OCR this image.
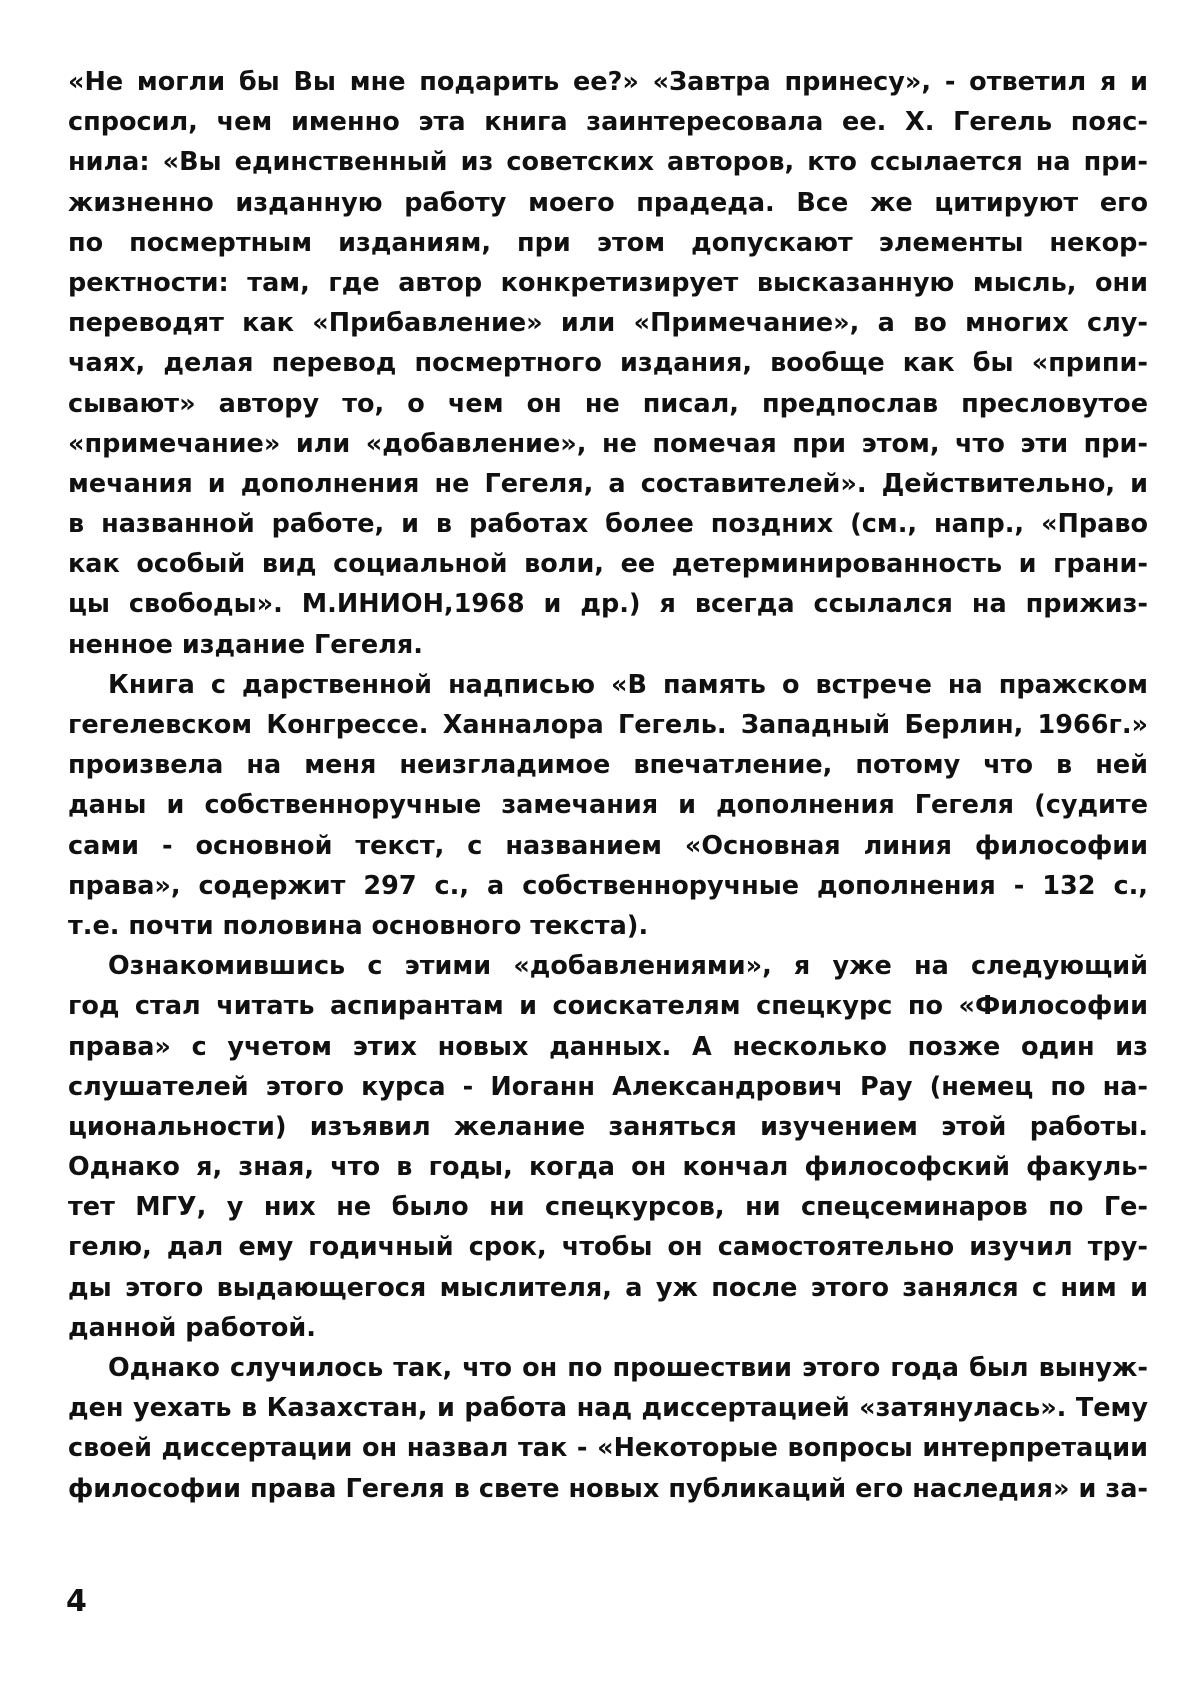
«Не могли бы Вы мне подарить ее?» «Завтра принесу», - ответил я и
спросил, чем именно эта книга заинтересовала ее. Х. Гегель пояс-
нила: «Вы единственный из советских авторов, кто ссылается на при-
жизненно изданную работу моего прадеда. Все же цитируют его
по посмертным изданиям, при этом допускают элементы некор-
ректности: там, где автор конкретизирует высказанную мысль, они
переводят как «Прибавление» или «Примечание», а во многих слу-
чаях, делая перевод посмертного издания, вообще как бы «припи-
сывают» автору то, о чем он не писал, предпослав пресловутое
«примечание» или «добавление», не помечая при этом, что эти при-
мечания и дополнения не Гегеля, а составителей». Действительно, и
в названной работе, и в работах более поздних (см., напр., «Право
как особый вид социальной воли, ее детерминированность и грани-
цы свободы». М.ИНИОН,1968 и др.) я всегда ссылался на прижиз-
ненное издание Гегеля.
Книга с дарственной надписью «В память о встрече на пражском
гегелевском Конгрессе. Ханналора Гегель. Западный Берлин, 1966г.»
произвела на меня неизгладимое впечатление, потому что в ней
даны и собственноручные замечания и дополнения Гегеля (судите
сами - основной текст, с названием «Основная линия философии
права», содержит 297 с., а собственноручные дополнения - 132 с.,
т.е. почти половина основного текста).
Ознакомившись с этими «добавлениями», я уже на следующий
год стал читать аспирантам и соискателям спецкурс по «Философии
права» с учетом этих новых данных. А несколько позже один из
слушателей этого курса - Иоганн Александрович Рау (немец по на-
циональности) изъявил желание заняться изучением этой работы.
Однако я, зная, что в годы, когда он кончал философский факуль-
тет МГУ, у них не было ни спецкурсов, ни спецсеминаров по Ге-
гелю, дал ему годичный срок, чтобы он самостоятельно изучил тру-
ды этого выдающегося мыслителя, а уж после этого занялся с ним и
данной работой.
Однако случилось так, что он по прошествии этого года был вынуж-
ден уехать в Казахстан, и работа над диссертацией «затянулась». Тему
своей диссертации он назвал так - «Некоторые вопросы интерпретации
философии права Гегеля в свете новых публикаций его наследия» и за-
4
